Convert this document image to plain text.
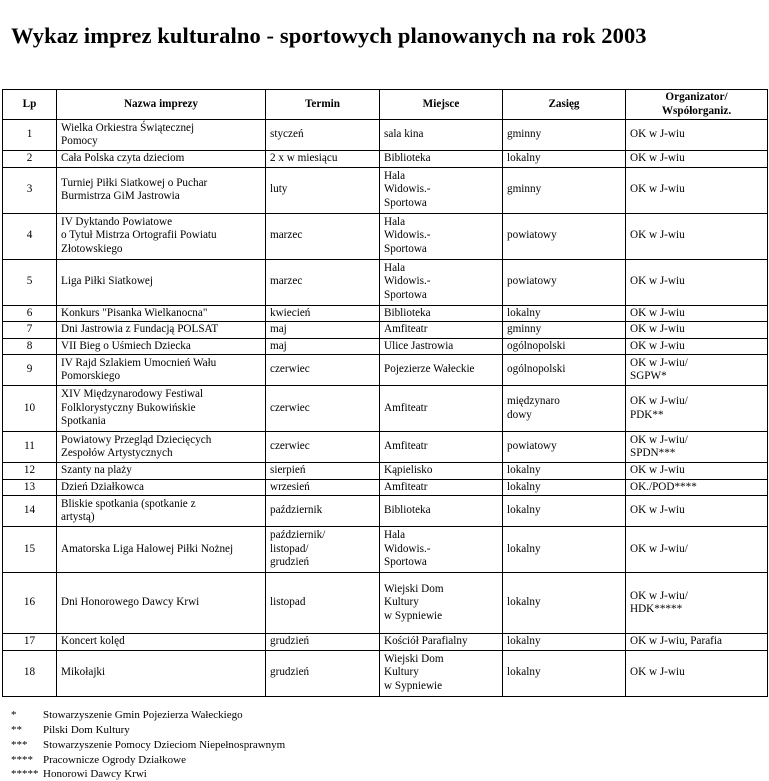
Wykaz imprez kulturalno - sportowych planowanych na rok 2003
Lp	Nazwa imprezy	Termin	Miejsce	Zasięg	Organizator/
Współorganiz.
1	Wielka Orkiestra Świątecznej
Pomocy	styczeń	sala kina	gminny	OK w J-wiu
2	Cała Polska czyta dzieciom	2 x w miesiącu	Biblioteka	lokalny	OK w J-wiu
3	Turniej Piłki Siatkowej o Puchar
Burmistrza GiM Jastrowia	luty	Hala
Widowis.-
Sportowa	gminny	OK w J-wiu
4	IV Dyktando Powiatowe
o Tytuł Mistrza Ortografii Powiatu
Złotowskiego	marzec	Hala
Widowis.-
Sportowa	powiatowy	OK w J-wiu
5	Liga Piłki Siatkowej	marzec	Hala
Widowis.-
Sportowa	powiatowy	OK w J-wiu
6	Konkurs "Pisanka Wielkanocna"	kwiecień	Biblioteka	lokalny	OK w J-wiu
7	Dni Jastrowia z Fundacją POLSAT	maj	Amfiteatr	gminny	OK w J-wiu
8	VII Bieg o Uśmiech Dziecka	maj	Ulice Jastrowia	ogólnopolski	OK w J-wiu
9	IV Rajd Szlakiem Umocnień Wału
Pomorskiego	czerwiec	Pojezierze Wałeckie	ogólnopolski	OK w J-wiu/
SGPW*
10	XIV Międzynarodowy Festiwal
Folklorystyczny Bukowińskie
Spotkania	czerwiec	Amfiteatr	międzynaro
dowy	OK w J-wiu/
PDK**
11	Powiatowy Przegląd Dziecięcych
Zespołów Artystycznych	czerwiec	Amfiteatr	powiatowy	OK w J-wiu/
SPDN***
12	Szanty na plaży	sierpień	Kąpielisko	lokalny	OK w J-wiu
13	Dzień Działkowca	wrzesień	Amfiteatr	lokalny	OK./POD****
14	Bliskie spotkania (spotkanie z
artystą)	październik	Biblioteka	lokalny	OK w J-wiu
15	Amatorska Liga Halowej Piłki Nożnej	październik/
listopad/
grudzień	Hala
Widowis.-
Sportowa	lokalny	OK w J-wiu/
16	Dni Honorowego Dawcy Krwi	listopad	Wiejski Dom
Kultury
w Sypniewie	lokalny	OK w J-wiu/
HDK*****
17	Koncert kolęd	grudzień	Kościół Parafialny	lokalny	OK w J-wiu, Parafia
18	Mikołajki	grudzień	Wiejski Dom
Kultury
w Sypniewie	lokalny	OK w J-wiu
* Stowarzyszenie Gmin Pojezierza Wałeckiego
** Pilski Dom Kultury
*** Stowarzyszenie Pomocy Dzieciom Niepełnosprawnym
**** Pracownicze Ogrody Działkowe
***** Honorowi Dawcy Krwi
